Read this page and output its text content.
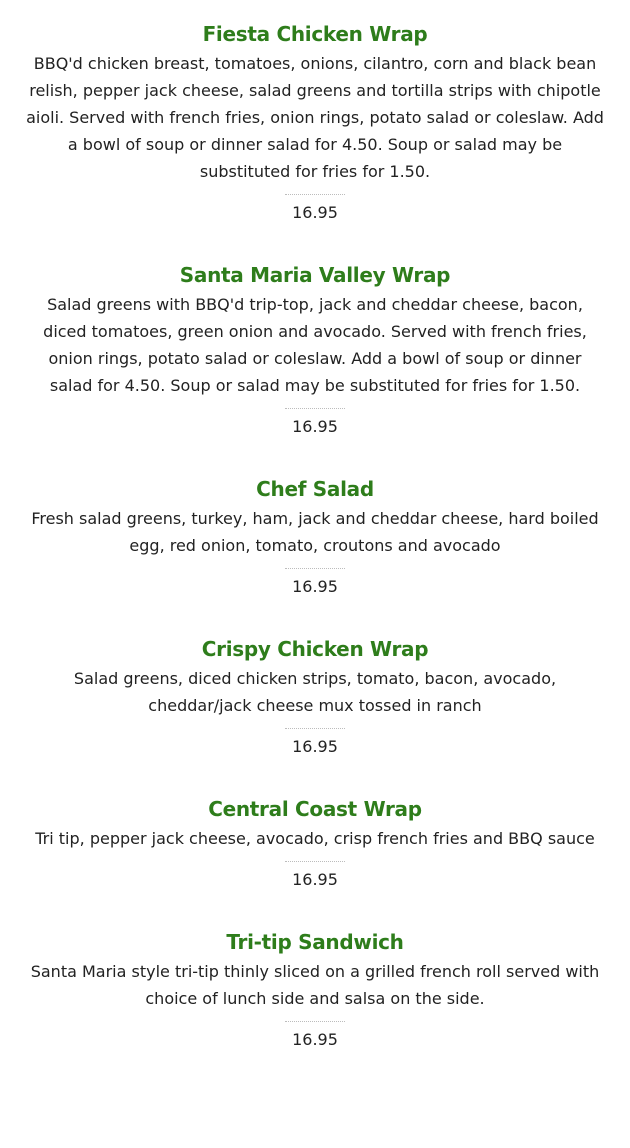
Fiesta Chicken Wrap
BBQ'd chicken breast, tomatoes, onions, cilantro, corn and black bean relish, pepper jack cheese, salad greens and tortilla strips with chipotle aioli. Served with french fries, onion rings, potato salad or coleslaw. Add a bowl of soup or dinner salad for 4.50. Soup or salad may be substituted for fries for 1.50.
16.95
Santa Maria Valley Wrap
Salad greens with BBQ'd trip-top, jack and cheddar cheese, bacon, diced tomatoes, green onion and avocado. Served with french fries, onion rings, potato salad or coleslaw. Add a bowl of soup or dinner salad for 4.50. Soup or salad may be substituted for fries for 1.50.
16.95
Chef Salad
Fresh salad greens, turkey, ham, jack and cheddar cheese, hard boiled egg, red onion, tomato, croutons and avocado
16.95
Crispy Chicken Wrap
Salad greens, diced chicken strips, tomato, bacon, avocado, cheddar/jack cheese mux tossed in ranch
16.95
Central Coast Wrap
Tri tip, pepper jack cheese, avocado, crisp french fries and BBQ sauce
16.95
Tri-tip Sandwich
Santa Maria style tri-tip thinly sliced on a grilled french roll served with choice of lunch side and salsa on the side.
16.95
